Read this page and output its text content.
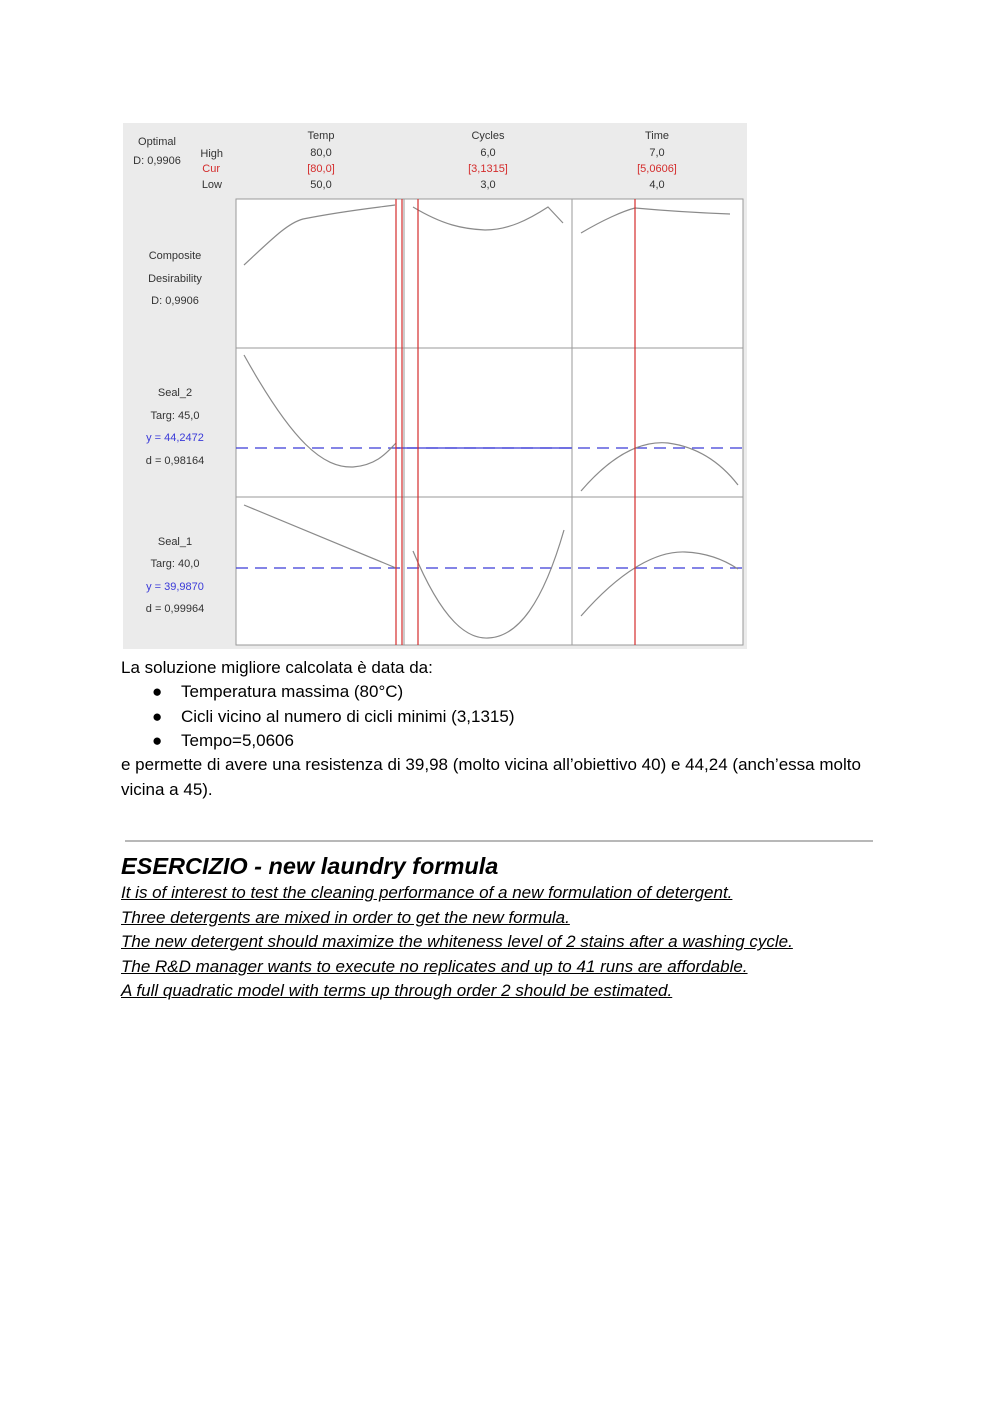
Optimal
D: 0,9906
High
Cur
Low
Temp
80,0
[80,0]
50,0
Cycles
6,0
[3,1315]
3,0
Time
7,0
[5,0606]
4,0
Composite
Desirability
D: 0,9906
Seal_2
Targ: 45,0
y = 44,2472
d = 0,98164
Seal_1
Targ: 40,0
y = 39,9870
d = 0,99964

La soluzione migliore calcolata è data da:

● Temperatura massima (80°C)
● Cicli vicino al numero di cicli minimi (3,1315)
● Tempo=5,0606

e permette di avere una resistenza di 39,98 (molto vicina all’obiettivo 40) e 44,24 (anch’essa molto vicina a 45).

ESERCIZIO - new laundry formula
It is of interest to test the cleaning performance of a new formulation of detergent.
Three detergents are mixed in order to get the new formula.
The new detergent should maximize the whiteness level of 2 stains after a washing cycle.
The R&D manager wants to execute no replicates and up to 41 runs are affordable.
A full quadratic model with terms up through order 2 should be estimated.
